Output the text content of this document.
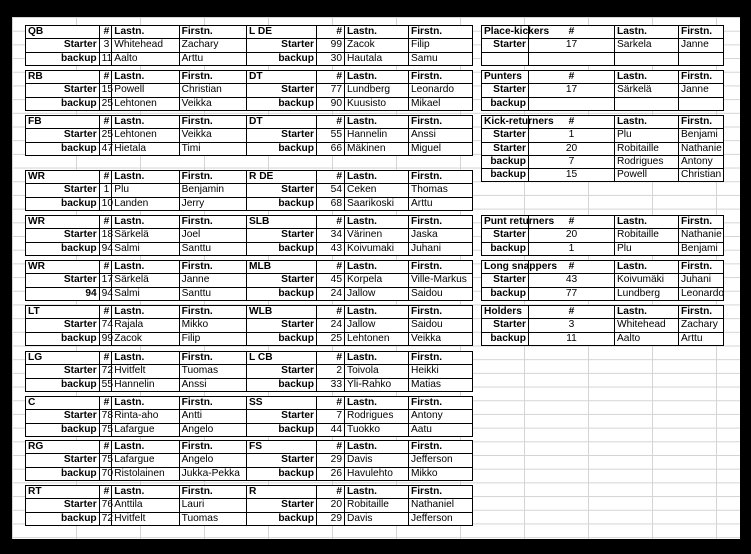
QB	#	Lastn.	Firstn.
Starter	3	Whitehead	Zachary
backup	11	Aalto	Arttu
RB	#	Lastn.	Firstn.
Starter	15	Powell	Christian
backup	25	Lehtonen	Veikka
FB	#	Lastn.	Firstn.
Starter	25	Lehtonen	Veikka
backup	47	Hietala	Timi
WR	#	Lastn.	Firstn.
Starter	1	Plu	Benjamin
backup	10	Landen	Jerry
WR	#	Lastn.	Firstn.
Starter	18	Särkelä	Joel
backup	94	Salmi	Santtu
WR	#	Lastn.	Firstn.
Starter	17	Särkelä	Janne
94	94	Salmi	Santtu
LT	#	Lastn.	Firstn.
Starter	74	Rajala	Mikko
backup	99	Zacok	Filip
LG	#	Lastn.	Firstn.
Starter	72	Hvitfelt	Tuomas
backup	55	Hannelin	Anssi
C	#	Lastn.	Firstn.
Starter	78	Rinta-aho	Antti
backup	75	Lafargue	Angelo
RG	#	Lastn.	Firstn.
Starter	75	Lafargue	Angelo
backup	70	Ristolainen	Jukka-Pekka
RT	#	Lastn.	Firstn.
Starter	76	Anttila	Lauri
backup	72	Hvitfelt	Tuomas
L DE	#	Lastn.	Firstn.
Starter	99	Zacok	Filip
backup	30	Hautala	Samu
DT	#	Lastn.	Firstn.
Starter	77	Lundberg	Leonardo
backup	90	Kuusisto	Mikael
DT	#	Lastn.	Firstn.
Starter	55	Hannelin	Anssi
backup	66	Mäkinen	Miguel
R DE	#	Lastn.	Firstn.
Starter	54	Ceken	Thomas
backup	68	Saarikoski	Arttu
SLB	#	Lastn.	Firstn.
Starter	34	Värinen	Jaska
backup	43	Koivumaki	Juhani
MLB	#	Lastn.	Firstn.
Starter	45	Korpela	Ville-Markus
backup	24	Jallow	Saidou
WLB	#	Lastn.	Firstn.
Starter	24	Jallow	Saidou
backup	25	Lehtonen	Veikka
L CB	#	Lastn.	Firstn.
Starter	2	Toivola	Heikki
backup	33	Yli-Rahko	Matias
SS	#	Lastn.	Firstn.
Starter	7	Rodrigues	Antony
backup	44	Tuokko	Aatu
FS	#	Lastn.	Firstn.
Starter	29	Davis	Jefferson
backup	26	Havulehto	Mikko
R	#	Lastn.	Firstn.
Starter	20	Robitaille	Nathaniel
backup	29	Davis	Jefferson
Place-kickers	#	Lastn.	Firstn.
Starter	17	Sarkela	Janne

Punters	#	Lastn.	Firstn.
Starter	17	Särkelä	Janne
backup			
Kick-returners	#	Lastn.	Firstn.
Starter	1	Plu	Benjami
Starter	20	Robitaille	Nathanie
backup	7	Rodrigues	Antony
backup	15	Powell	Christian
Punt returners	#	Lastn.	Firstn.
Starter	20	Robitaille	Nathanie
backup	1	Plu	Benjami
Long snappers	#	Lastn.	Firstn.
Starter	43	Koivumäki	Juhani
backup	77	Lundberg	Leonardo
Holders	#	Lastn.	Firstn.
Starter	3	Whitehead	Zachary
backup	11	Aalto	Arttu
